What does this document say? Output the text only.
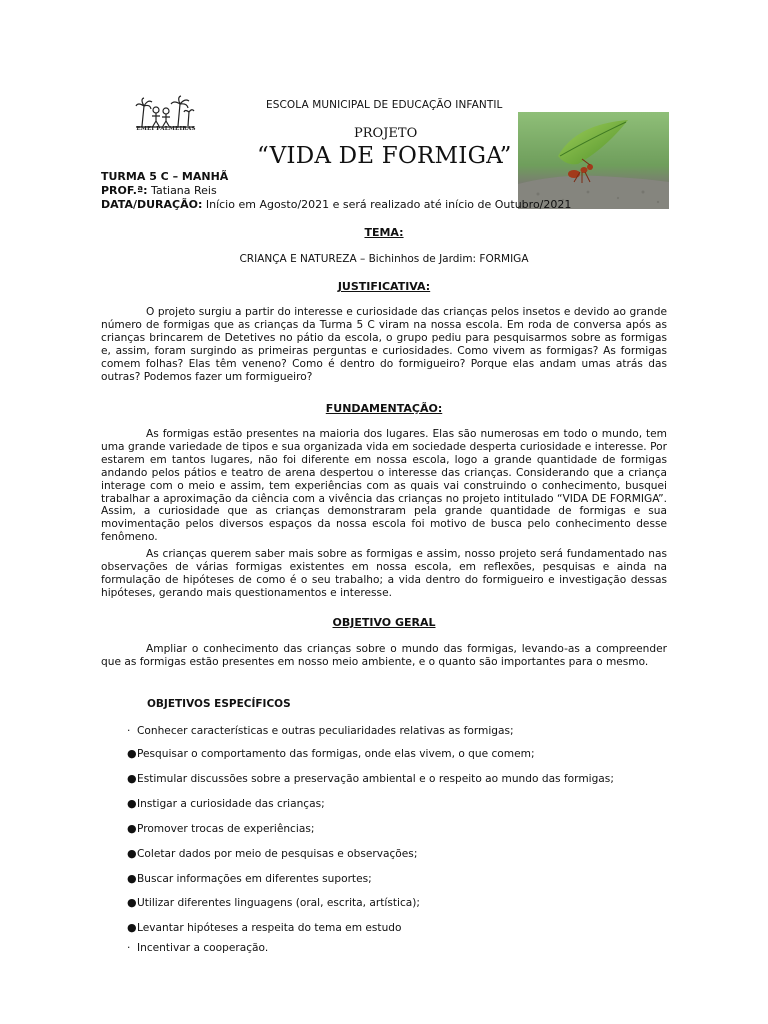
EMEI PALMEIRAS
ESCOLA MUNICIPAL DE EDUCAÇÃO INFANTIL
PROJETO
“VIDA DE FORMIGA”
TURMA 5 C – MANHÃ
PROF.ª: Tatiana Reis
DATA/DURAÇÃO: Início em Agosto/2021 e será realizado até início de Outubro/2021
TEMA:
CRIANÇA E NATUREZA – Bichinhos de Jardim: FORMIGA
JUSTIFICATIVA:
O projeto surgiu a partir do interesse e curiosidade das crianças pelos insetos e devido ao grande número de formigas que as crianças da Turma 5 C viram na nossa escola. Em roda de conversa após as crianças brincarem de Detetives no pátio da escola, o grupo pediu para pesquisarmos sobre as formigas e, assim, foram surgindo as primeiras perguntas e curiosidades. Como vivem as formigas? As formigas comem folhas? Elas têm veneno? Como é dentro do formigueiro? Porque elas andam umas atrás das outras? Podemos fazer um formigueiro?
FUNDAMENTAÇÃO:
As formigas estão presentes na maioria dos lugares. Elas são numerosas em todo o mundo, tem uma grande variedade de tipos e sua organizada vida em sociedade desperta curiosidade e interesse. Por estarem em tantos lugares, não foi diferente em nossa escola, logo a grande quantidade de formigas andando pelos pátios e teatro de arena despertou o interesse das crianças. Considerando que a criança interage com o meio e assim, tem experiências com as quais vai construindo o conhecimento, busquei trabalhar a aproximação da ciência com a vivência das crianças no projeto intitulado “VIDA DE FORMIGA”. Assim, a curiosidade que as crianças demonstraram pela grande quantidade de formigas e sua movimentação pelos diversos espaços da nossa escola foi motivo de busca pelo conhecimento desse fenômeno.
As crianças querem saber mais sobre as formigas e assim, nosso projeto será fundamentado nas observações de várias formigas existentes em nossa escola, em reflexões, pesquisas e ainda na formulação de hipóteses de como é o seu trabalho; a vida dentro do formigueiro e investigação dessas hipóteses, gerando mais questionamentos e interesse.
OBJETIVO GERAL
Ampliar o conhecimento das crianças sobre o mundo das formigas, levando-as a compreender que as formigas estão presentes em nosso meio ambiente, e o quanto são importantes para o mesmo.
OBJETIVOS ESPECÍFICOS
· Conhecer características e outras peculiaridades relativas as formigas;
●Pesquisar o comportamento das formigas, onde elas vivem, o que comem;
●Estimular discussões sobre a preservação ambiental e o respeito ao mundo das formigas;
●Instigar a curiosidade das crianças;
●Promover trocas de experiências;
●Coletar dados por meio de pesquisas e observações;
●Buscar informações em diferentes suportes;
●Utilizar diferentes linguagens (oral, escrita, artística);
●Levantar hipóteses a respeita do tema em estudo
· Incentivar a cooperação.
